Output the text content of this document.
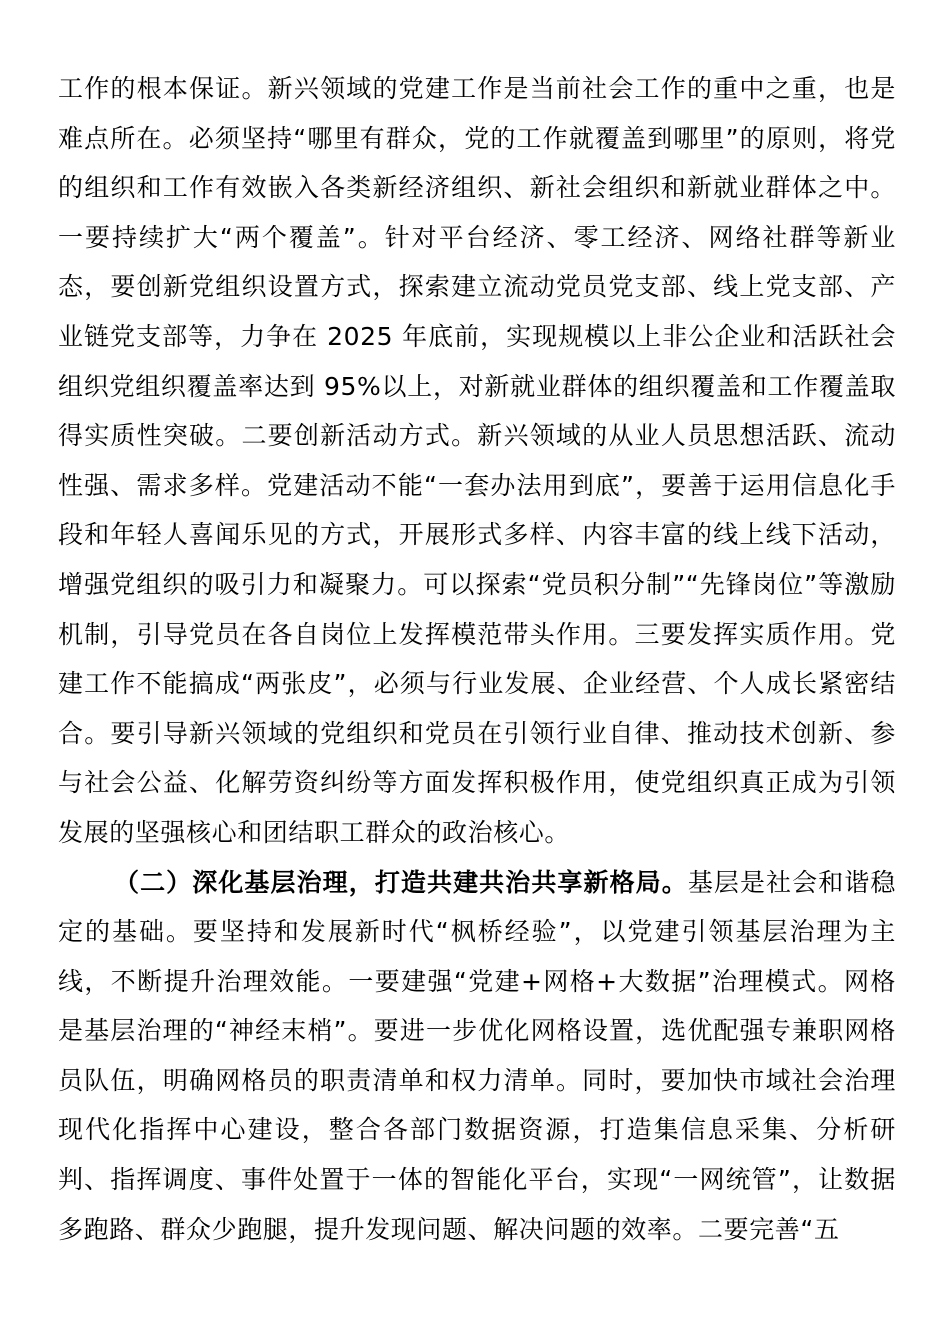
工作的根本保证。新兴领域的党建工作是当前社会工作的重中之重，也是难点所在。必须坚持“哪里有群众，党的工作就覆盖到哪里”的原则，将党的组织和工作有效嵌入各类新经济组织、新社会组织和新就业群体之中。一要持续扩大“两个覆盖”。针对平台经济、零工经济、网络社群等新业态，要创新党组织设置方式，探索建立流动党员党支部、线上党支部、产业链党支部等，力争在 2025 年底前，实现规模以上非公企业和活跃社会组织党组织覆盖率达到 95%以上，对新就业群体的组织覆盖和工作覆盖取得实质性突破。二要创新活动方式。新兴领域的从业人员思想活跃、流动性强、需求多样。党建活动不能“一套办法用到底”，要善于运用信息化手段和年轻人喜闻乐见的方式，开展形式多样、内容丰富的线上线下活动，增强党组织的吸引力和凝聚力。可以探索“党员积分制”“先锋岗位”等激励机制，引导党员在各自岗位上发挥模范带头作用。三要发挥实质作用。党建工作不能搞成“两张皮”，必须与行业发展、企业经营、个人成长紧密结合。要引导新兴领域的党组织和党员在引领行业自律、推动技术创新、参与社会公益、化解劳资纠纷等方面发挥积极作用，使党组织真正成为引领发展的坚强核心和团结职工群众的政治核心。

（二）深化基层治理，打造共建共治共享新格局。基层是社会和谐稳定的基础。要坚持和发展新时代“枫桥经验”，以党建引领基层治理为主线，不断提升治理效能。一要建强“党建+网格+大数据”治理模式。网格是基层治理的“神经末梢”。要进一步优化网格设置，选优配强专兼职网格员队伍，明确网格员的职责清单和权力清单。同时，要加快市域社会治理现代化指挥中心建设，整合各部门数据资源，打造集信息采集、分析研判、指挥调度、事件处置于一体的智能化平台，实现“一网统管”，让数据多跑路、群众少跑腿，提升发现问题、解决问题的效率。二要完善“五
